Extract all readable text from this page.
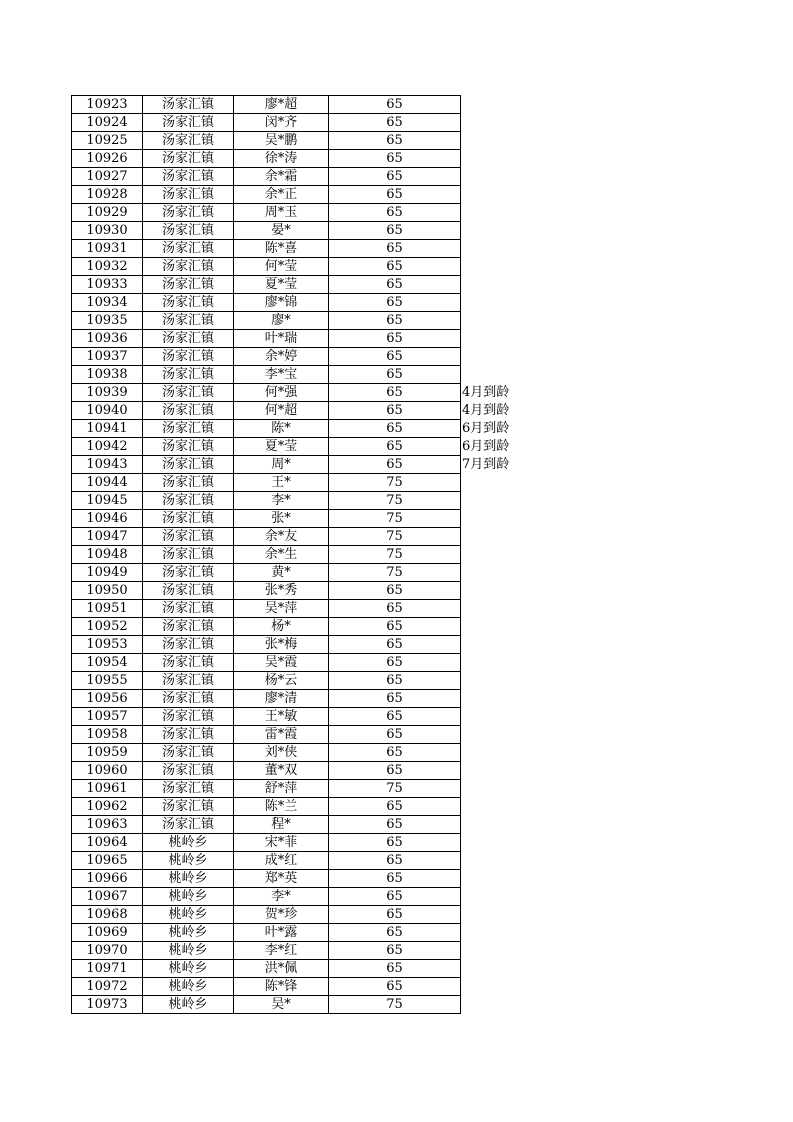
10923	汤家汇镇	廖*超	65	
10924	汤家汇镇	闵*齐	65	
10925	汤家汇镇	吴*鹏	65	
10926	汤家汇镇	徐*涛	65	
10927	汤家汇镇	余*霜	65	
10928	汤家汇镇	余*正	65	
10929	汤家汇镇	周*玉	65	
10930	汤家汇镇	晏*	65	
10931	汤家汇镇	陈*喜	65	
10932	汤家汇镇	何*莹	65	
10933	汤家汇镇	夏*莹	65	
10934	汤家汇镇	廖*锦	65	
10935	汤家汇镇	廖*	65	
10936	汤家汇镇	叶*瑞	65	
10937	汤家汇镇	余*婷	65	
10938	汤家汇镇	李*宝	65	
10939	汤家汇镇	何*强	65	4月到龄
10940	汤家汇镇	何*超	65	4月到龄
10941	汤家汇镇	陈*	65	6月到龄
10942	汤家汇镇	夏*莹	65	6月到龄
10943	汤家汇镇	周*	65	7月到龄
10944	汤家汇镇	王*	75	
10945	汤家汇镇	李*	75	
10946	汤家汇镇	张*	75	
10947	汤家汇镇	余*友	75	
10948	汤家汇镇	余*生	75	
10949	汤家汇镇	黄*	75	
10950	汤家汇镇	张*秀	65	
10951	汤家汇镇	吴*萍	65	
10952	汤家汇镇	杨*	65	
10953	汤家汇镇	张*梅	65	
10954	汤家汇镇	吴*霞	65	
10955	汤家汇镇	杨*云	65	
10956	汤家汇镇	廖*清	65	
10957	汤家汇镇	王*敏	65	
10958	汤家汇镇	雷*霞	65	
10959	汤家汇镇	刘*侠	65	
10960	汤家汇镇	董*双	65	
10961	汤家汇镇	舒*萍	75	
10962	汤家汇镇	陈*兰	65	
10963	汤家汇镇	程*	65	
10964	桃岭乡	宋*菲	65	
10965	桃岭乡	成*红	65	
10966	桃岭乡	郑*英	65	
10967	桃岭乡	李*	65	
10968	桃岭乡	贺*珍	65	
10969	桃岭乡	叶*露	65	
10970	桃岭乡	李*红	65	
10971	桃岭乡	洪*佩	65	
10972	桃岭乡	陈*锋	65	
10973	桃岭乡	吴*	75	
